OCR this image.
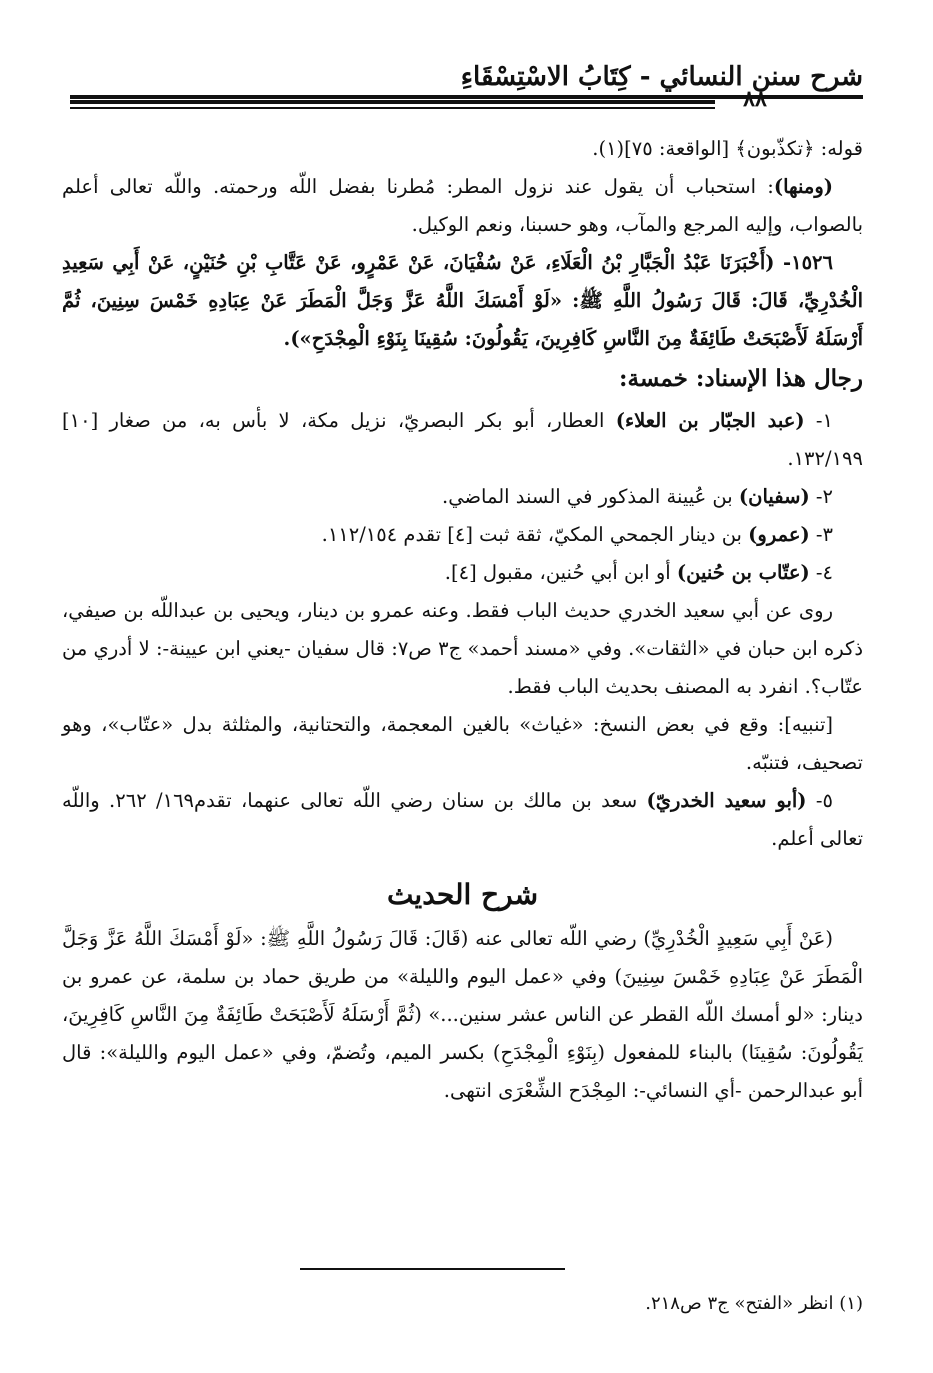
شرح سنن النسائي - كِتَابُ الاسْتِسْقَاءِ
٨٨

قوله: ﴿تكذّبون﴾ [الواقعة: ٧٥](١).

(ومنها): استحباب أن يقول عند نزول المطر: مُطرنا بفضل اللّه ورحمته. واللّه تعالى أعلم بالصواب، وإليه المرجع والمآب، وهو حسبنا، ونعم الوكيل.

١٥٢٦- (أَخْبَرَنَا عَبْدُ الْجَبَّارِ بْنُ الْعَلَاءِ، عَنْ سُفْيَانَ، عَنْ عَمْرٍو، عَنْ عَتَّابِ بْنِ حُنَيْنٍ، عَنْ أَبِي سَعِيدِ الْخُدْرِيِّ، قَالَ: قَالَ رَسُولُ اللَّهِ ﷺ: «لَوْ أَمْسَكَ اللَّهُ عَزَّ وَجَلَّ الْمَطَرَ عَنْ عِبَادِهِ خَمْسَ سِنِينَ، ثُمَّ أَرْسَلَهُ لَأَصْبَحَتْ طَائِفَةٌ مِنَ النَّاسِ كَافِرِينَ، يَقُولُونَ: سُقِينَا بِنَوْءِ الْمِجْدَحِ»).

رجال هذا الإسناد: خمسة:

١- (عبد الجبّار بن العلاء) العطار، أبو بكر البصريّ، نزيل مكة، لا بأس به، من صغار [١٠] ١٣٢/١٩٩.

٢- (سفيان) بن عُيينة المذكور في السند الماضي.

٣- (عمرو) بن دينار الجمحي المكيّ، ثقة ثبت [٤] تقدم ١١٢/١٥٤.

٤- (عتّاب بن حُنين) أو ابن أبي حُنين، مقبول [٤].

روى عن أبي سعيد الخدري حديث الباب فقط. وعنه عمرو بن دينار، ويحيى بن عبداللّه بن صيفي، ذكره ابن حبان في «الثقات». وفي «مسند أحمد» ج٣ ص٧: قال سفيان -يعني ابن عيينة-: لا أدري من عتّاب؟. انفرد به المصنف بحديث الباب فقط.

[تنبيه]: وقع في بعض النسخ: «غياث» بالغين المعجمة، والتحتانية، والمثلثة بدل «عتّاب»، وهو تصحيف، فتنبّه.

٥- (أبو سعيد الخدريّ) سعد بن مالك بن سنان رضي اللّه تعالى عنهما، تقدم١٦٩/ ٢٦٢. واللّه تعالى أعلم.

شرح الحديث

(عَنْ أَبِي سَعِيدٍ الْخُدْرِيِّ) رضي اللّه تعالى عنه (قَالَ: قَالَ رَسُولُ اللَّهِ ﷺ: «لَوْ أَمْسَكَ اللَّهُ عَزَّ وَجَلَّ الْمَطَرَ عَنْ عِبَادِهِ خَمْسَ سِنِينَ) وفي «عمل اليوم والليلة» من طريق حماد بن سلمة، عن عمرو بن دينار: «لو أمسك اللّه القطر عن الناس عشر سنين...» (ثُمَّ أَرْسَلَهُ لَأَصْبَحَتْ طَائِفَةٌ مِنَ النَّاسِ كَافِرِينَ، يَقُولُونَ: سُقِينَا) بالبناء للمفعول (بِنَوْءِ الْمِجْدَحِ) بكسر الميم، وتُضمّ، وفي «عمل اليوم والليلة»: قال أبو عبدالرحمن -أي النسائي-: المِجْدَح الشِّعْرَى انتهى.

(١) انظر «الفتح» ج٣ ص٢١٨.
